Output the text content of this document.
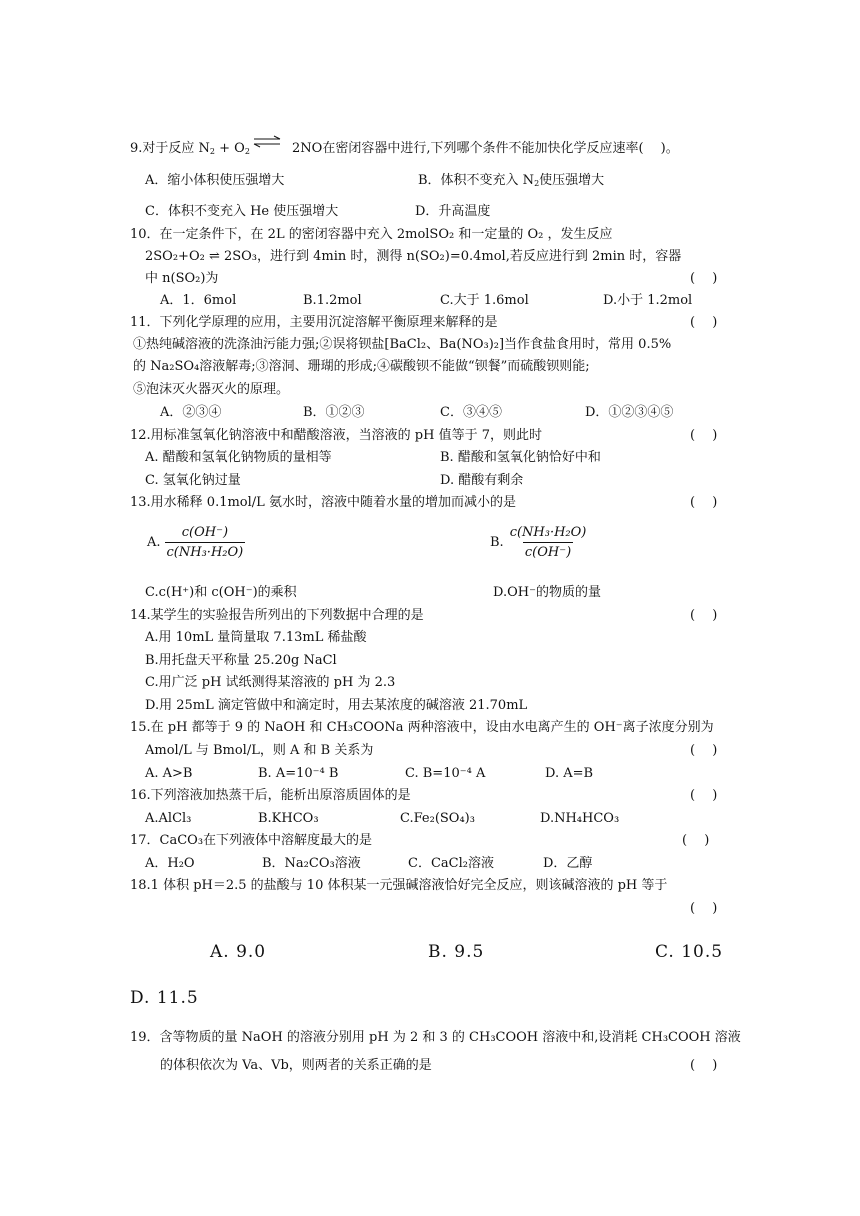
9.对于反应 $N_2 + O_2$ ⇌ 2NO在密闭容器中进行,下列哪个条件不能加快化学反应速率(　 )。
A．缩小体积使压强增大	B．体积不变充入 $N_2$使压强增大
C．体积不变充入 He 使压强增大	D．升高温度
10．在一定条件下，在 2L 的密闭容器中充入 2molSO₂ 和一定量的 O₂ ，发生反应
2SO₂+O₂ ⇌ 2SO₃，进行到 4min 时，测得 n(SO₂)=0.4mol,若反应进行到 2min 时，容器
中 n(SO₂)为	(　 )
A．1．6mol	B.1.2mol	C.大于 1.6mol	D.小于 1.2mol
11．下列化学原理的应用，主要用沉淀溶解平衡原理来解释的是	(　 )
①热纯碱溶液的洗涤油污能力强;②误将钡盐[BaCl₂、Ba(NO₃)₂]当作食盐食用时，常用 0.5%
的 Na₂SO₄溶液解毒;③溶洞、珊瑚的形成;④碳酸钡不能做“钡餐”而硫酸钡则能;
⑤泡沫灭火器灭火的原理。
A．②③④	B．①②③	C．③④⑤	D．①②③④⑤
12.用标准氢氧化钠溶液中和醋酸溶液，当溶液的 pH 值等于 7，则此时	(　 )
A. 醋酸和氢氧化钠物质的量相等	B. 醋酸和氢氧化钠恰好中和
C. 氢氧化钠过量	D. 醋酸有剩余
13.用水稀释 0.1mol/L 氨水时，溶液中随着水量的增加而减小的是	(　 )
A. $\frac{c(OH^-)}{\text{c(NH₃·H₂O)}}$	B. $\frac{\text{c(NH₃·H₂O)}}{c(OH^-)}$
C.c(H⁺)和 c(OH⁻)的乘积	D.OH⁻的物质的量
14.某学生的实验报告所列出的下列数据中合理的是	(　 )
A.用 10mL 量筒量取 7.13mL 稀盐酸
B.用托盘天平称量 25.20g NaCl
C.用广泛 pH 试纸测得某溶液的 pH 为 2.3
D.用 25mL 滴定管做中和滴定时，用去某浓度的碱溶液 21.70mL
15.在 pH 都等于 9 的 NaOH 和 CH₃COONa 两种溶液中，设由水电离产生的 OH⁻离子浓度分别为
Amol/L 与 Bmol/L，则 A 和 B 关系为	(　 )
A. A>B	B. A=10⁻⁴ B	C. B=10⁻⁴ A	D. A=B
16.下列溶液加热蒸干后，能析出原溶质固体的是	(　 )
A.AlCl₃	B.KHCO₃	C.Fe₂(SO₄)₃	D.NH₄HCO₃
17．CaCO₃在下列液体中溶解度最大的是	(　 )
A．H₂O	B．Na₂CO₃溶液	C．CaCl₂溶液	D．乙醇
18.1 体积 pH＝2.5 的盐酸与 10 体积某一元强碱溶液恰好完全反应，则该碱溶液的 pH 等于
(　 )
A. 9.0	B. 9.5	C. 10.5
D. 11.5
19．含等物质的量 NaOH 的溶液分别用 pH 为 2 和 3 的 CH₃COOH 溶液中和,设消耗 CH₃COOH 溶液
的体积依次为 Va、Vb，则两者的关系正确的是	(　 )
